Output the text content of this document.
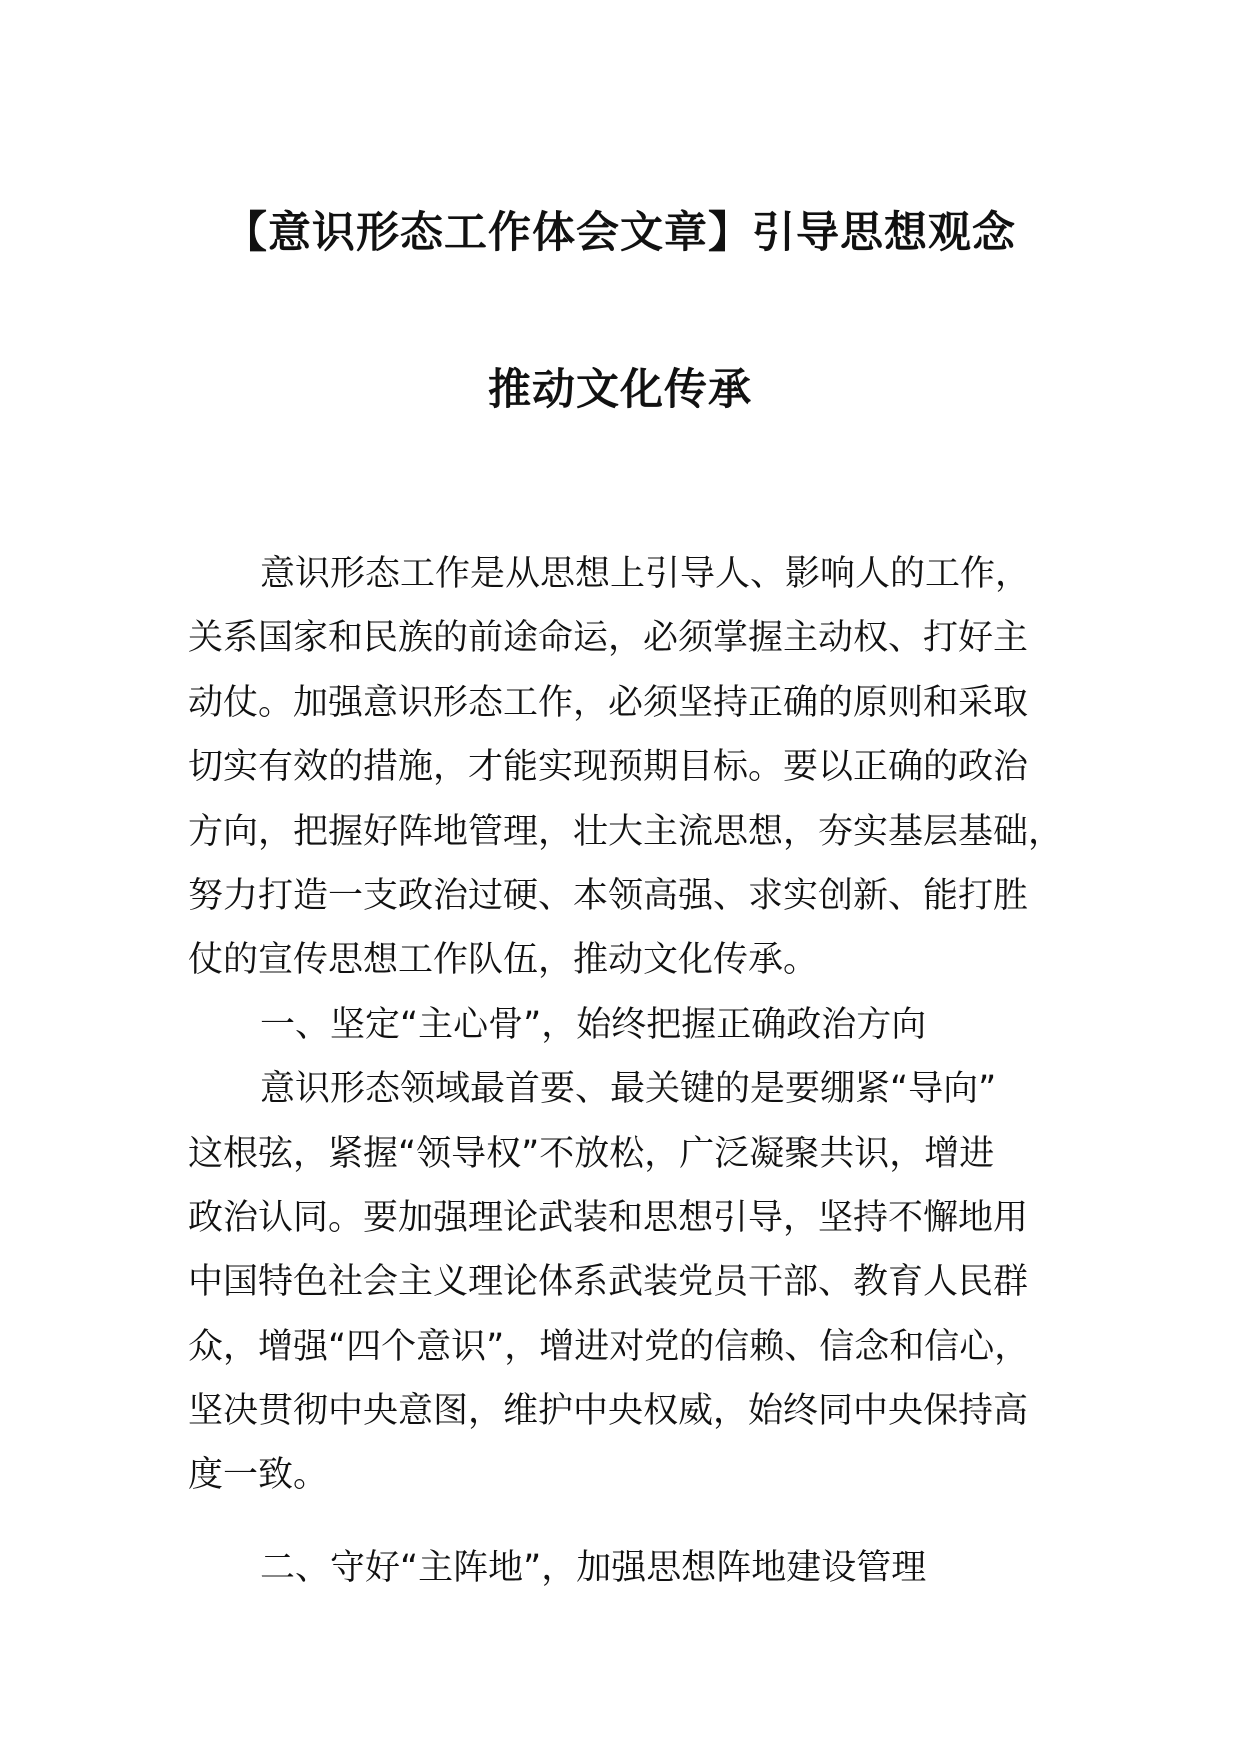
【意识形态工作体会文章】引导思想观念
推动文化传承
意识形态工作是从思想上引导人、影响人的工作，
关系国家和民族的前途命运，必须掌握主动权、打好主
动仗。加强意识形态工作，必须坚持正确的原则和采取
切实有效的措施，才能实现预期目标。要以正确的政治
方向，把握好阵地管理，壮大主流思想，夯实基层基础，
努力打造一支政治过硬、本领高强、求实创新、能打胜
仗的宣传思想工作队伍，推动文化传承。
一、坚定“主心骨”，始终把握正确政治方向
意识形态领域最首要、最关键的是要绷紧“导向”
这根弦，紧握“领导权”不放松，广泛凝聚共识，增进
政治认同。要加强理论武装和思想引导，坚持不懈地用
中国特色社会主义理论体系武装党员干部、教育人民群
众，增强“四个意识”，增进对党的信赖、信念和信心，
坚决贯彻中央意图，维护中央权威，始终同中央保持高
度一致。
二、守好“主阵地”，加强思想阵地建设管理
